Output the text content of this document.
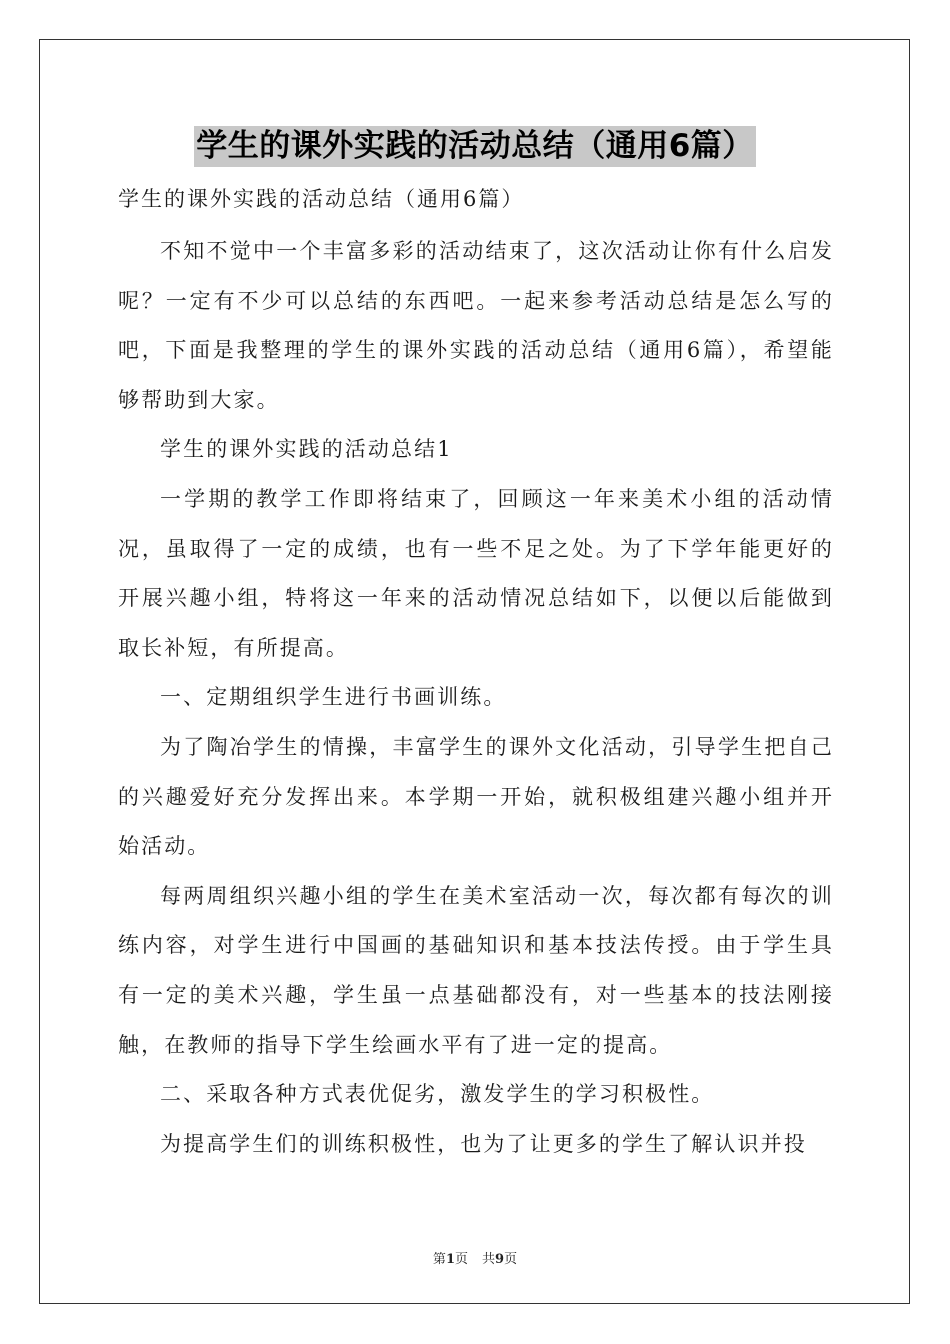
学生的课外实践的活动总结（通用6篇）
学生的课外实践的活动总结（通用6篇）

不知不觉中一个丰富多彩的活动结束了，这次活动让你有什么启发呢？一定有不少可以总结的东西吧。一起来参考活动总结是怎么写的吧，下面是我整理的学生的课外实践的活动总结（通用6篇），希望能够帮助到大家。

学生的课外实践的活动总结1

一学期的教学工作即将结束了，回顾这一年来美术小组的活动情况，虽取得了一定的成绩，也有一些不足之处。为了下学年能更好的开展兴趣小组，特将这一年来的活动情况总结如下，以便以后能做到取长补短，有所提高。

一、定期组织学生进行书画训练。

为了陶冶学生的情操，丰富学生的课外文化活动，引导学生把自己的兴趣爱好充分发挥出来。本学期一开始，就积极组建兴趣小组并开始活动。

每两周组织兴趣小组的学生在美术室活动一次，每次都有每次的训练内容，对学生进行中国画的基础知识和基本技法传授。由于学生具有一定的美术兴趣，学生虽一点基础都没有，对一些基本的技法刚接触，在教师的指导下学生绘画水平有了进一定的提高。

二、采取各种方式表优促劣，激发学生的学习积极性。

为提高学生们的训练积极性，也为了让更多的学生了解认识并投

第1页 共9页
